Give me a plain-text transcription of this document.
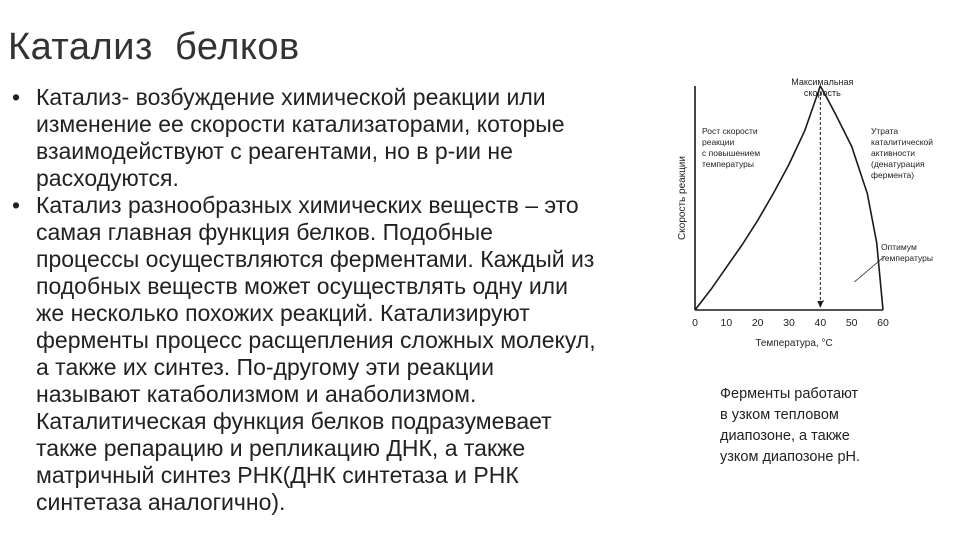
Катализ  белков
• Катализ- возбуждение химической реакции или
изменение ее скорости катализаторами, которые
взаимодействуют с реагентами, но в р-ии не
расходуются.
• Катализ разнообразных химических веществ – это
самая главная функция белков. Подобные
процессы осуществляются ферментами. Каждый из
подобных веществ может осуществлять одну или
же несколько похожих реакций. Катализируют
ферменты процесс расщепления сложных молекул,
а также их синтез. По-другому эти реакции
называют катаболизмом и анаболизмом.
Каталитическая функция белков подразумевает
также репарацию и репликацию ДНК, а также
матричный синтез РНК(ДНК синтетаза и РНК
синтетаза аналогично).
Скорость реакции
Температура, °С
0 10 20 30 40 50 60
Максимальная
скорость
Рост скорости
реакции
с повышением
температуры
Утрата
каталитической
активности
(денатурация
фермента)
Оптимум
температуры
Ферменты работают
в узком тепловом
диапозоне, а также
узком диапозоне рН.
